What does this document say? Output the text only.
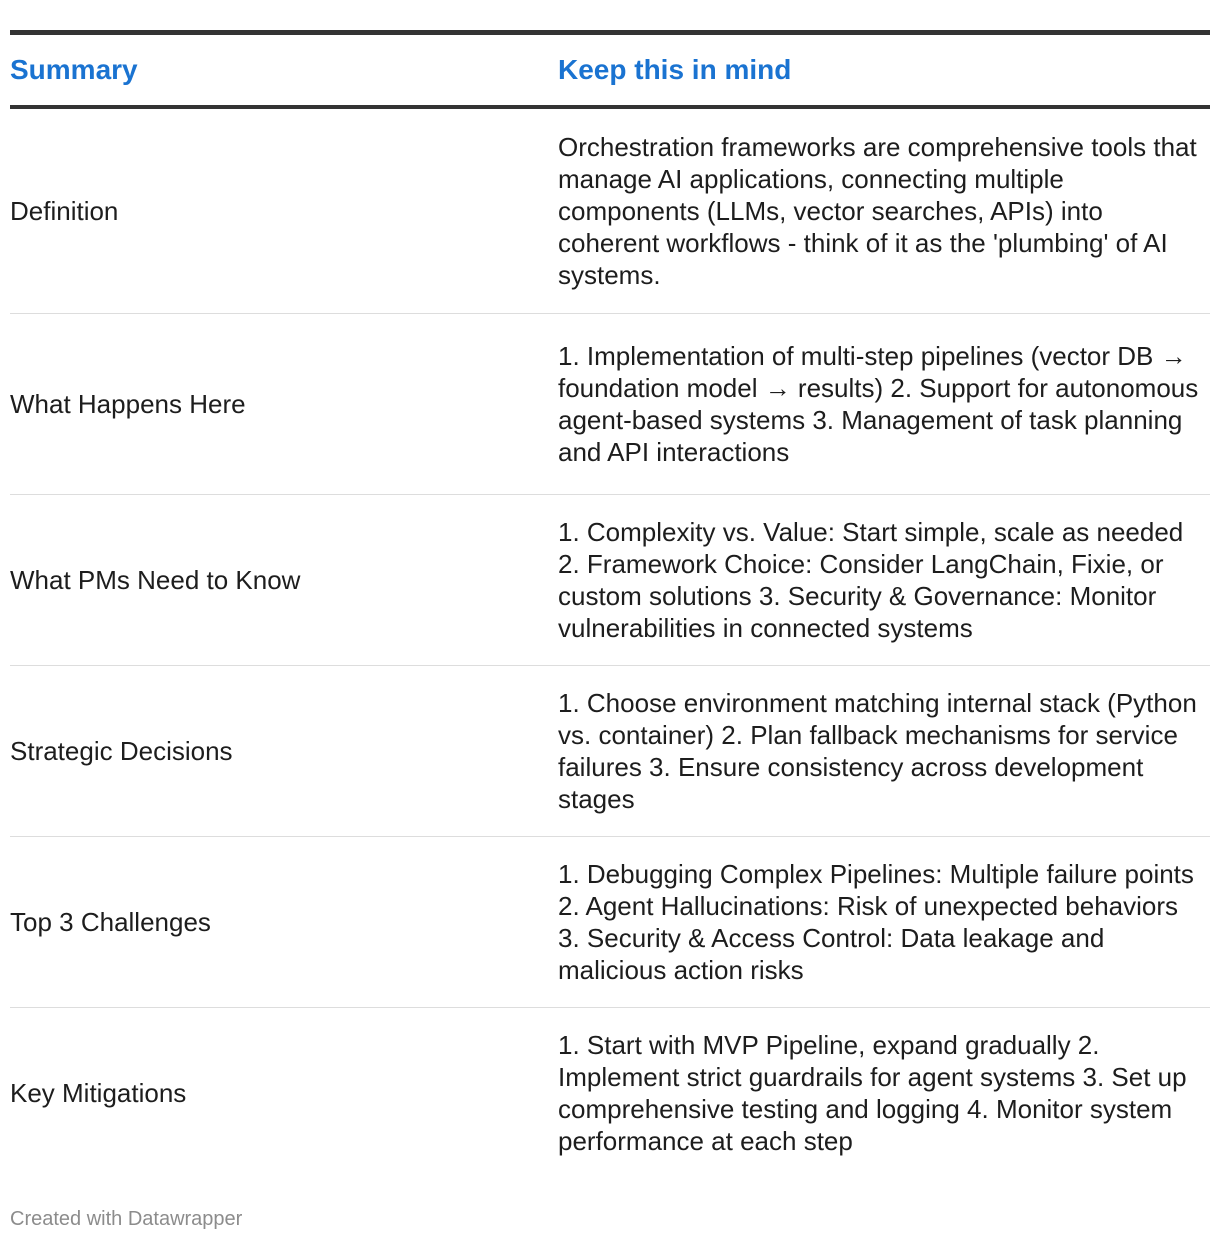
Summary	Keep this in mind
Definition
Orchestration frameworks are comprehensive tools that manage AI applications, connecting multiple components (LLMs, vector searches, APIs) into coherent workflows - think of it as the 'plumbing' of AI systems.
What Happens Here
1. Implementation of multi-step pipelines (vector DB → foundation model → results) 2. Support for autonomous agent-based systems 3. Management of task planning and API interactions
What PMs Need to Know
1. Complexity vs. Value: Start simple, scale as needed 2. Framework Choice: Consider LangChain, Fixie, or custom solutions 3. Security & Governance: Monitor vulnerabilities in connected systems
Strategic Decisions
1. Choose environment matching internal stack (Python vs. container) 2. Plan fallback mechanisms for service failures 3. Ensure consistency across development stages
Top 3 Challenges
1. Debugging Complex Pipelines: Multiple failure points 2. Agent Hallucinations: Risk of unexpected behaviors 3. Security & Access Control: Data leakage and malicious action risks
Key Mitigations
1. Start with MVP Pipeline, expand gradually 2. Implement strict guardrails for agent systems 3. Set up comprehensive testing and logging 4. Monitor system performance at each step
Created with Datawrapper
